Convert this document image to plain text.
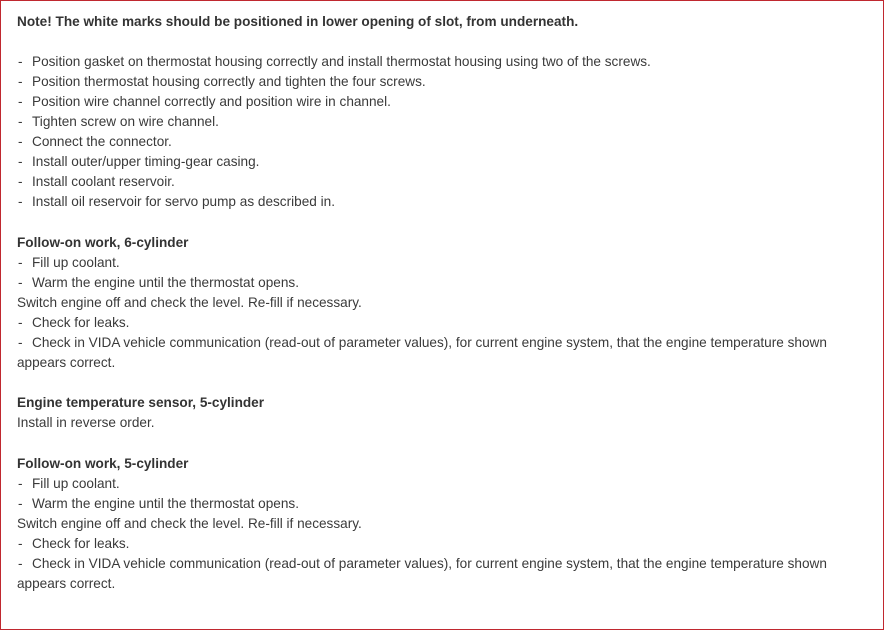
Note! The white marks should be positioned in lower opening of slot, from underneath.
- Position gasket on thermostat housing correctly and install thermostat housing using two of the screws.
- Position thermostat housing correctly and tighten the four screws.
- Position wire channel correctly and position wire in channel.
- Tighten screw on wire channel.
- Connect the connector.
- Install outer/upper timing-gear casing.
- Install coolant reservoir.
- Install oil reservoir for servo pump as described in.
Follow-on work, 6-cylinder
- Fill up coolant.
- Warm the engine until the thermostat opens.
Switch engine off and check the level. Re-fill if necessary.
- Check for leaks.
- Check in VIDA vehicle communication (read-out of parameter values), for current engine system, that the engine temperature shown
appears correct.
Engine temperature sensor, 5-cylinder
Install in reverse order.
Follow-on work, 5-cylinder
- Fill up coolant.
- Warm the engine until the thermostat opens.
Switch engine off and check the level. Re-fill if necessary.
- Check for leaks.
- Check in VIDA vehicle communication (read-out of parameter values), for current engine system, that the engine temperature shown
appears correct.
